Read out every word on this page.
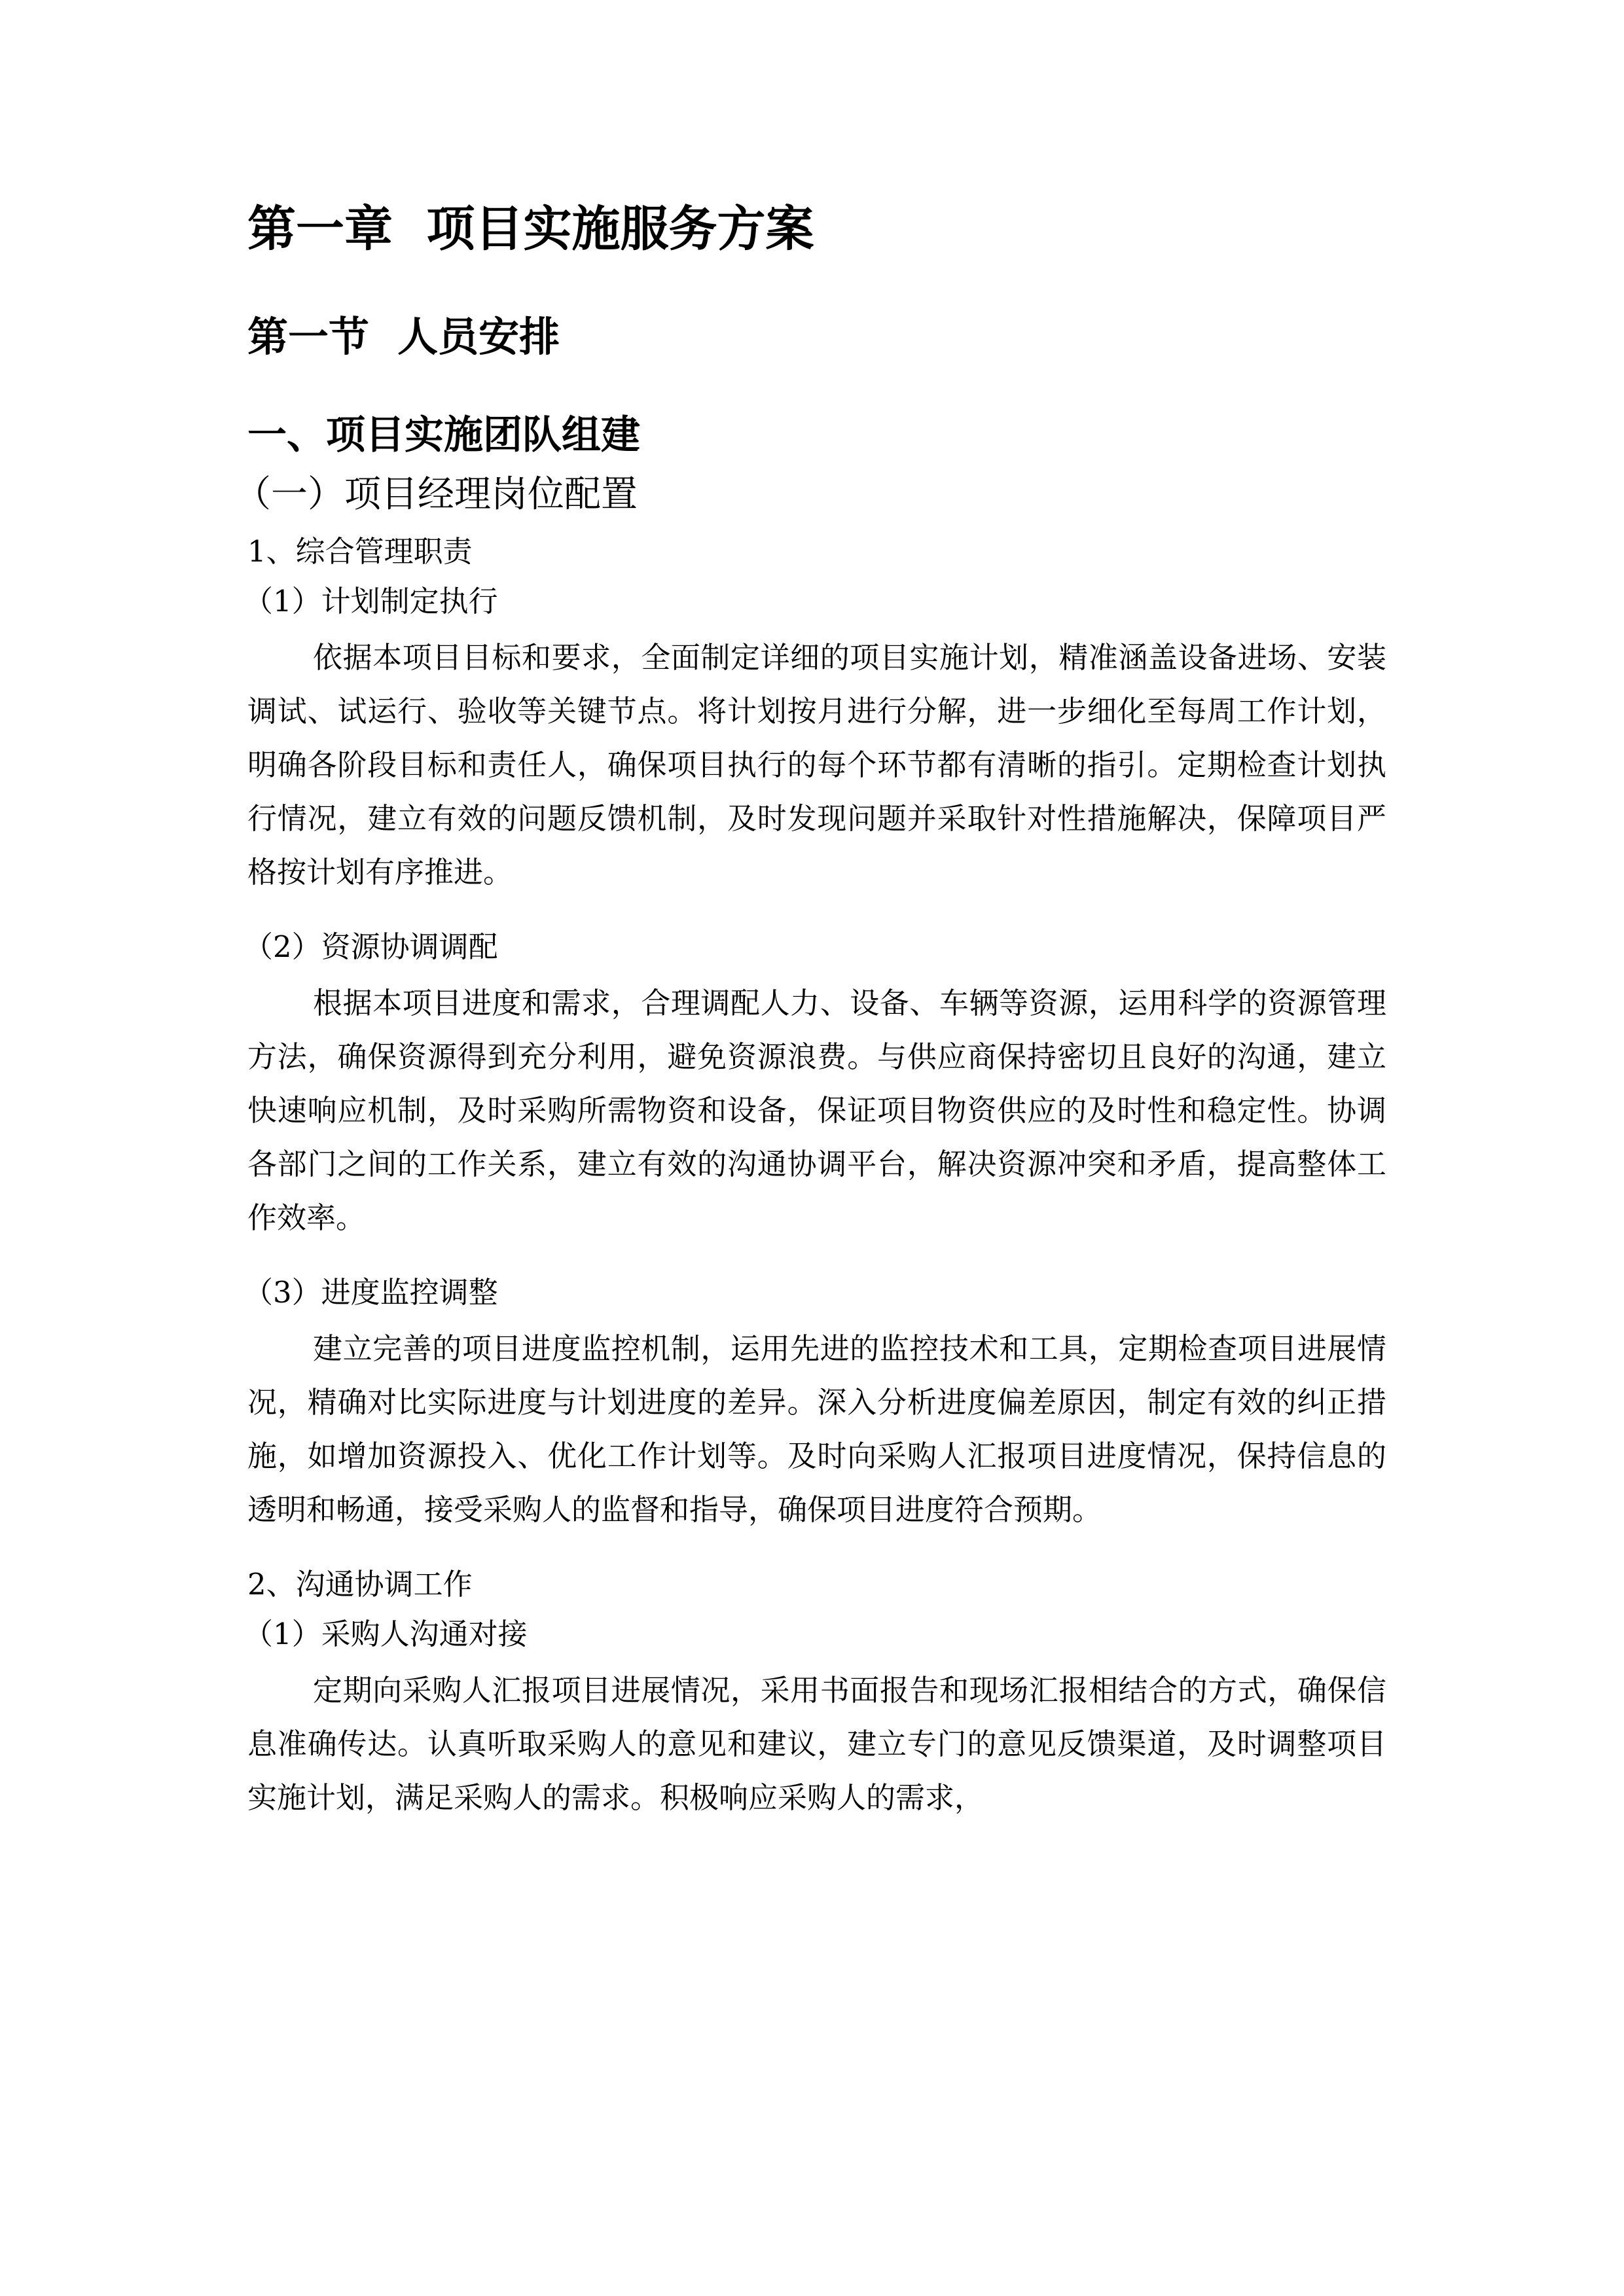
第一章  项目实施服务方案
第一节  人员安排
一、项目实施团队组建
（一）项目经理岗位配置
1、综合管理职责
（1）计划制定执行

依据本项目目标和要求，全面制定详细的项目实施计划，精准涵盖设备进场、安装调试、试运行、验收等关键节点。将计划按月进行分解，进一步细化至每周工作计划，明确各阶段目标和责任人，确保项目执行的每个环节都有清晰的指引。定期检查计划执行情况，建立有效的问题反馈机制，及时发现问题并采取针对性措施解决，保障项目严格按计划有序推进。

（2）资源协调调配

根据本项目进度和需求，合理调配人力、设备、车辆等资源，运用科学的资源管理方法，确保资源得到充分利用，避免资源浪费。与供应商保持密切且良好的沟通，建立快速响应机制，及时采购所需物资和设备，保证项目物资供应的及时性和稳定性。协调各部门之间的工作关系，建立有效的沟通协调平台，解决资源冲突和矛盾，提高整体工作效率。

（3）进度监控调整

建立完善的项目进度监控机制，运用先进的监控技术和工具，定期检查项目进展情况，精确对比实际进度与计划进度的差异。深入分析进度偏差原因，制定有效的纠正措施，如增加资源投入、优化工作计划等。及时向采购人汇报项目进度情况，保持信息的透明和畅通，接受采购人的监督和指导，确保项目进度符合预期。

2、沟通协调工作
（1）采购人沟通对接

定期向采购人汇报项目进展情况，采用书面报告和现场汇报相结合的方式，确保信息准确传达。认真听取采购人的意见和建议，建立专门的意见反馈渠道，及时调整项目实施计划，满足采购人的需求。积极响应采购人的需求，
